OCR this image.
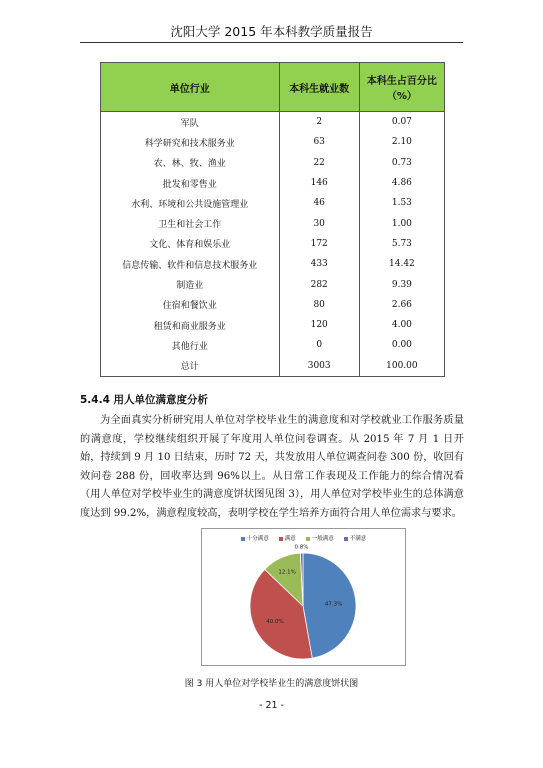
沈阳大学 2015 年本科教学质量报告
单位行业	本科生就业数	本科生占百分比（%）
军队	2	0.07
科学研究和技术服务业	63	2.10
农、林、牧、渔业	22	0.73
批发和零售业	146	4.86
水利、环境和公共设施管理业	46	1.53
卫生和社会工作	30	1.00
文化、体育和娱乐业	172	5.73
信息传输、软件和信息技术服务业	433	14.42
制造业	282	9.39
住宿和餐饮业	80	2.66
租赁和商业服务业	120	4.00
其他行业	0	0.00
总计	3003	100.00
5.4.4 用人单位满意度分析

为全面真实分析研究用人单位对学校毕业生的满意度和对学校就业工作服务质量的满意度，学校继续组织开展了年度用人单位问卷调查。从 2015 年 7 月 1 日开始，持续到 9 月 10 日结束，历时 72 天，共发放用人单位调查问卷 300 份，收回有效问卷 288 份，回收率达到 96%以上。从日常工作表现及工作能力的综合情况看（用人单位对学校毕业生的满意度饼状图见图 3），用人单位对学校毕业生的总体满意度达到 99.2%，满意程度较高，表明学校在学生培养方面符合用人单位需求与要求。

十分满意	满意	一般满意	不满意
47.3%
40.0%
12.1%
0.8%
图 3 用人单位对学校毕业生的满意度饼状图
- 21 -
